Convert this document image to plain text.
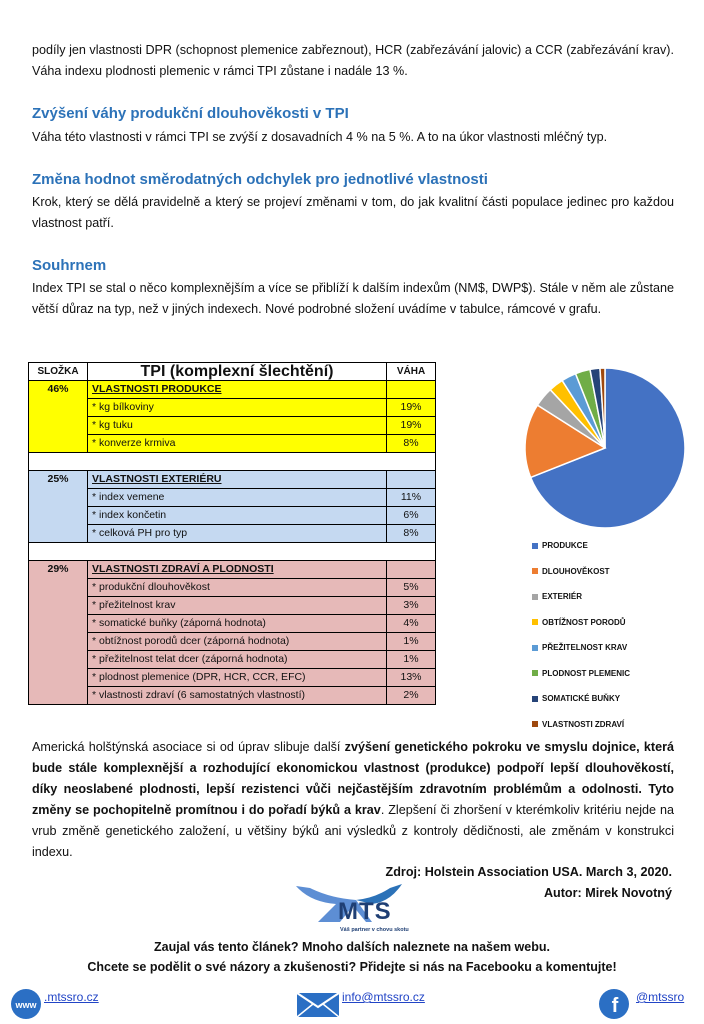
podíly jen vlastnosti DPR (schopnost plemenice zabřeznout), HCR (zabřezávání jalovic) a CCR (zabřezávání krav). Váha indexu plodnosti plemenic v rámci TPI zůstane i nadále 13 %.

Zvýšení váhy produkční dlouhověkosti v TPI

Váha této vlastnosti v rámci TPI se zvýší z dosavadních 4 % na 5 %. A to na úkor vlastnosti mléčný typ.

Změna hodnot směrodatných odchylek pro jednotlivé vlastnosti

Krok, který se dělá pravidelně a který se projeví změnami v tom, do jak kvalitní části populace jedinec pro každou vlastnost patří.

Souhrnem

Index TPI se stal o něco komplexnějším a více se přiblíží k dalším indexům (NM$, DWP$). Stále v něm ale zůstane větší důraz na typ, než v jiných indexech. Nové podrobné složení uvádíme v tabulce, rámcové v grafu.

SLOŽKA	TPI (komplexní šlechtění)	VÁHA
46%	VLASTNOSTI PRODUKCE	
	* kg bílkoviny	19%
	* kg tuku	19%
	* konverze krmiva	8%

25%	VLASTNOSTI EXTERIÉRU	
	* index vemene	11%
	* index končetin	6%
	* celková PH pro typ	8%

29%	VLASTNOSTI ZDRAVÍ A PLODNOSTI	
	* produkční dlouhověkost	5%
	* přežitelnost krav	3%
	* somatické buňky (záporná hodnota)	4%
	* obtížnost porodů dcer (záporná hodnota)	1%
	* přežitelnost telat dcer (záporná hodnota)	1%
	* plodnost plemenice (DPR, HCR, CCR, EFC)	13%
	* vlastnosti zdraví (6 samostatných vlastností)	2%
PRODUKCE
DLOUHOVĚKOST
EXTERIÉR
OBTÍŽNOST PORODŮ
PŘEŽITELNOST KRAV
PLODNOST PLEMENIC
SOMATICKÉ BUŇKY
VLASTNOSTI ZDRAVÍ

Americká holštýnská asociace si od úprav slibuje další zvýšení genetického pokroku ve smyslu dojnice, která bude stále komplexnější a rozhodující ekonomickou vlastnost (produkce) podpoří lepší dlouhověkostí, díky neoslabené plodnosti, lepší rezistenci vůči nejčastějším zdravotním problémům a odolnosti. Tyto změny se pochopitelně promítnou i do pořadí býků a krav. Zlepšení či zhoršení v kterémkoliv kritériu nejde na vrub změně genetického založení, u většiny býků ani výsledků z kontroly dědičnosti, ale změnám v konstrukci indexu.

Zdroj: Holstein Association USA. March 3, 2020.
Autor: Mirek Novotný
MTS
Váš partner v chovu skotu
Zaujal vás tento článek? Mnoho dalších naleznete na našem webu.
Chcete se podělit o své názory a zkušenosti? Přidejte si nás na Facebooku a komentujte!
www
.mtssro.cz	info@mtssro.cz	f @mtssro
